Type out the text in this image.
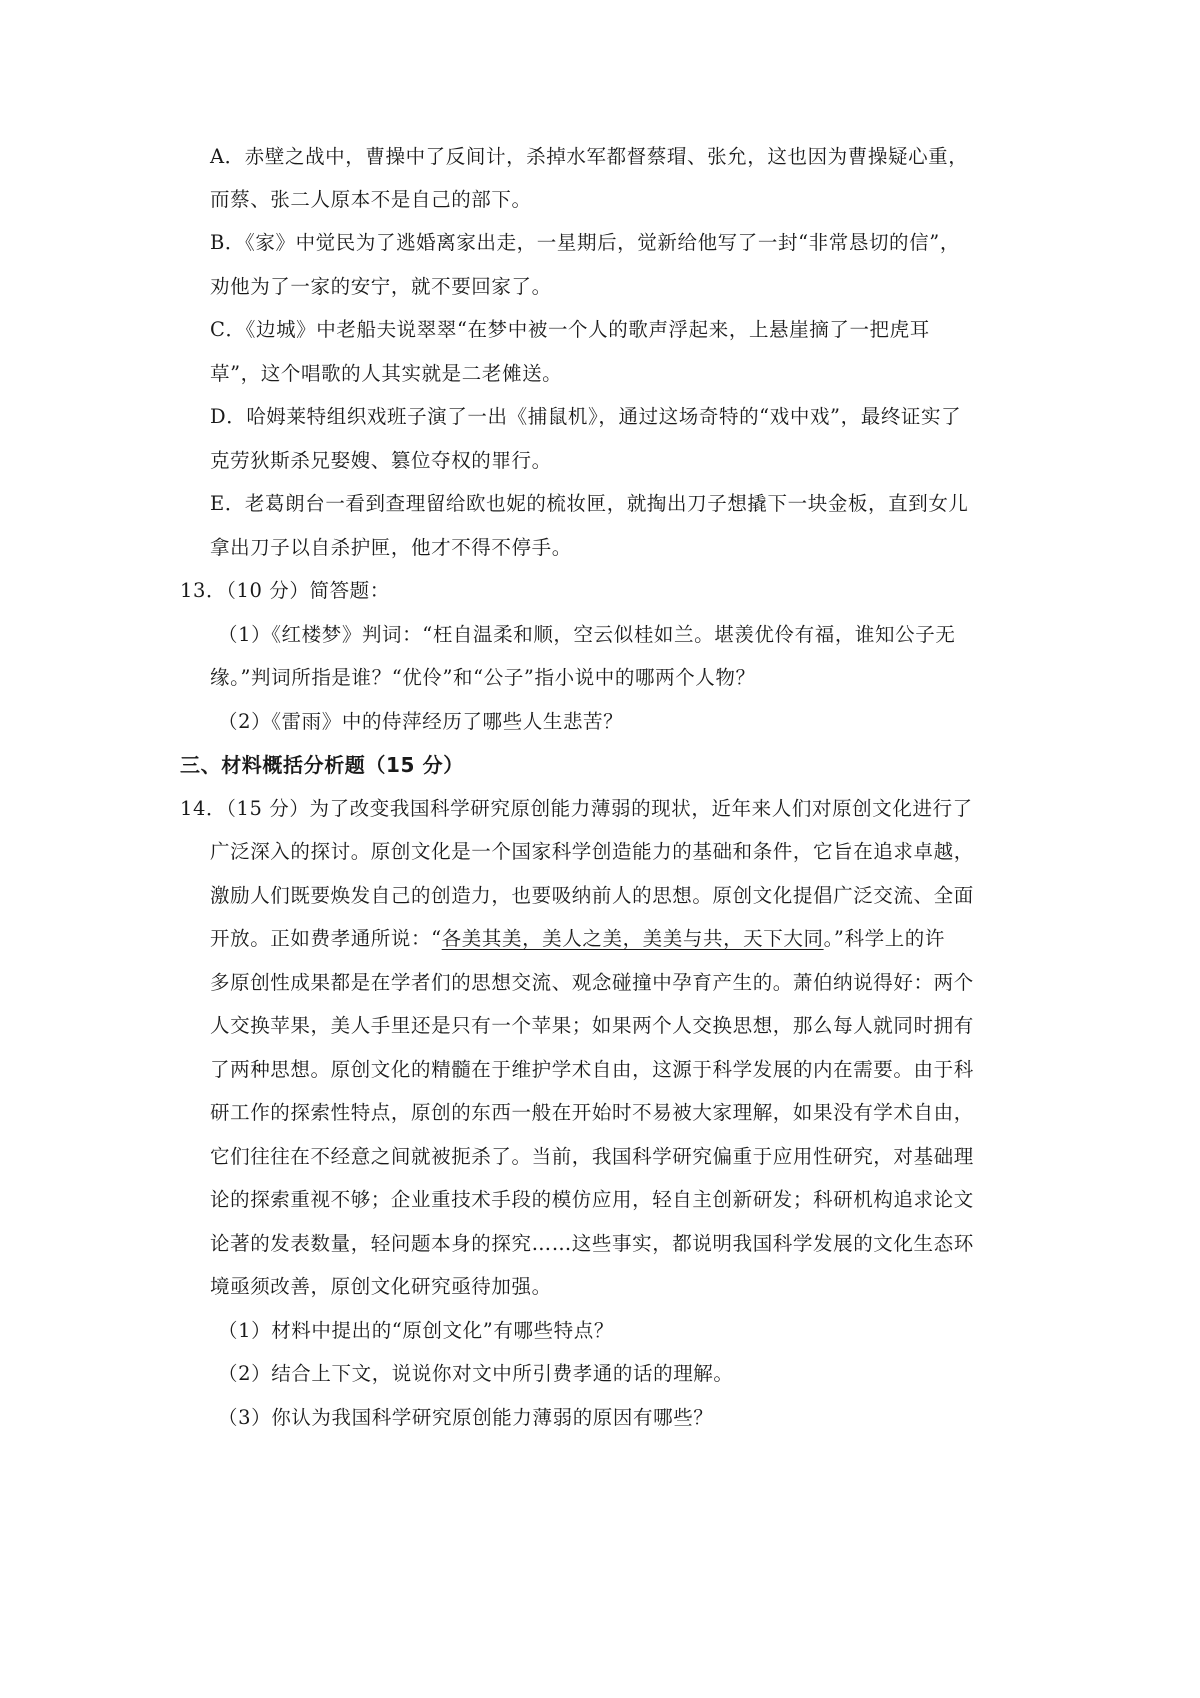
A．赤壁之战中，曹操中了反间计，杀掉水军都督蔡瑁、张允，这也因为曹操疑心重，
而蔡、张二人原本不是自己的部下。
B．《家》中觉民为了逃婚离家出走，一星期后，觉新给他写了一封“非常恳切的信”，
劝他为了一家的安宁，就不要回家了。
C．《边城》中老船夫说翠翠“在梦中被一个人的歌声浮起来，上悬崖摘了一把虎耳
草”，这个唱歌的人其实就是二老傩送。
D．哈姆莱特组织戏班子演了一出《捕鼠机》，通过这场奇特的“戏中戏”，最终证实了
克劳狄斯杀兄娶嫂、篡位夺权的罪行。
E．老葛朗台一看到查理留给欧也妮的梳妆匣，就掏出刀子想撬下一块金板，直到女儿
拿出刀子以自杀护匣，他才不得不停手。
13．（10 分）简答题：
（1）《红楼梦》判词：“枉自温柔和顺，空云似桂如兰。堪羡优伶有福，谁知公子无
缘。”判词所指是谁？“优伶”和“公子”指小说中的哪两个人物？
（2）《雷雨》中的侍萍经历了哪些人生悲苦？
三、材料概括分析题（15 分）
14．（15 分）为了改变我国科学研究原创能力薄弱的现状，近年来人们对原创文化进行了
广泛深入的探讨。原创文化是一个国家科学创造能力的基础和条件，它旨在追求卓越，
激励人们既要焕发自己的创造力，也要吸纳前人的思想。原创文化提倡广泛交流、全面
开放。正如费孝通所说：“各美其美，美人之美，美美与共，天下大同。”科学上的许
多原创性成果都是在学者们的思想交流、观念碰撞中孕育产生的。萧伯纳说得好：两个
人交换苹果，美人手里还是只有一个苹果；如果两个人交换思想，那么每人就同时拥有
了两种思想。原创文化的精髓在于维护学术自由，这源于科学发展的内在需要。由于科
研工作的探索性特点，原创的东西一般在开始时不易被大家理解，如果没有学术自由，
它们往往在不经意之间就被扼杀了。当前，我国科学研究偏重于应用性研究，对基础理
论的探索重视不够；企业重技术手段的模仿应用，轻自主创新研发；科研机构追求论文
论著的发表数量，轻问题本身的探究……这些事实，都说明我国科学发展的文化生态环
境亟须改善，原创文化研究亟待加强。
（1）材料中提出的“原创文化”有哪些特点？
（2）结合上下文，说说你对文中所引费孝通的话的理解。
（3）你认为我国科学研究原创能力薄弱的原因有哪些？
